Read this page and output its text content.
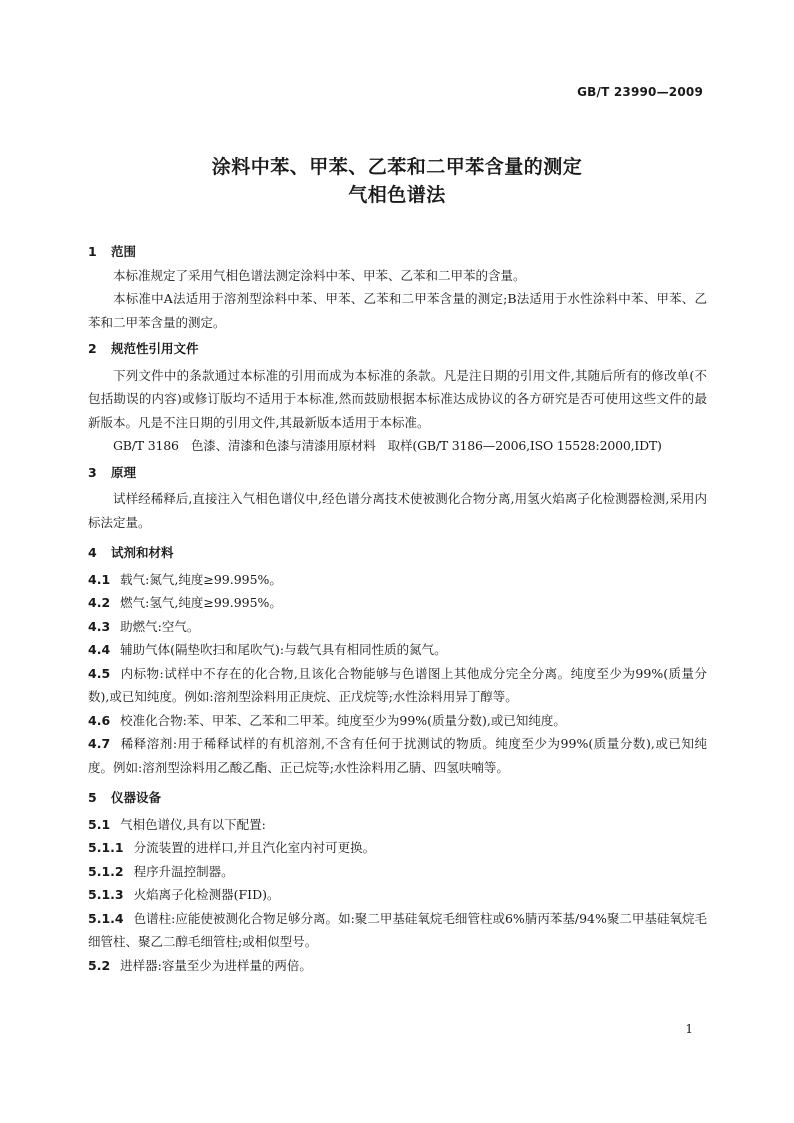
GB/T 23990—2009
涂料中苯、甲苯、乙苯和二甲苯含量的测定
气相色谱法
1	范围

本标准规定了采用气相色谱法测定涂料中苯、甲苯、乙苯和二甲苯的含量。

本标准中A法适用于溶剂型涂料中苯、甲苯、乙苯和二甲苯含量的测定;B法适用于水性涂料中苯、甲苯、乙苯和二甲苯含量的测定。

2	规范性引用文件

下列文件中的条款通过本标准的引用而成为本标准的条款。凡是注日期的引用文件,其随后所有的修改单(不包括勘误的内容)或修订版均不适用于本标准,然而鼓励根据本标准达成协议的各方研究是否可使用这些文件的最新版本。凡是不注日期的引用文件,其最新版本适用于本标准。

GB/T 3186　色漆、清漆和色漆与清漆用原材料　取样(GB/T 3186—2006,ISO 15528:2000,IDT)

3	原理

试样经稀释后,直接注入气相色谱仪中,经色谱分离技术使被测化合物分离,用氢火焰离子化检测器检测,采用内标法定量。

4	试剂和材料

4.1 载气:氮气,纯度≥99.995%。

4.2 燃气:氢气,纯度≥99.995%。

4.3 助燃气:空气。

4.4 辅助气体(隔垫吹扫和尾吹气):与载气具有相同性质的氮气。

4.5 内标物:试样中不存在的化合物,且该化合物能够与色谱图上其他成分完全分离。纯度至少为99%(质量分数),或已知纯度。例如:溶剂型涂料用正庚烷、正戊烷等;水性涂料用异丁醇等。

4.6 校准化合物:苯、甲苯、乙苯和二甲苯。纯度至少为99%(质量分数),或已知纯度。

4.7 稀释溶剂:用于稀释试样的有机溶剂,不含有任何于扰测试的物质。纯度至少为99%(质量分数),或已知纯度。例如:溶剂型涂料用乙酸乙酯、正己烷等;水性涂料用乙腈、四氢呋喃等。

5	仪器设备

5.1 气相色谱仪,具有以下配置:

5.1.1 分流装置的进样口,并且汽化室内衬可更换。

5.1.2 程序升温控制器。

5.1.3 火焰离子化检测器(FID)。

5.1.4 色谱柱:应能使被测化合物足够分离。如:聚二甲基硅氧烷毛细管柱或6%腈丙苯基/94%聚二甲基硅氧烷毛细管柱、聚乙二醇毛细管柱;或相似型号。

5.2 进样器:容量至少为进样量的两倍。

1
